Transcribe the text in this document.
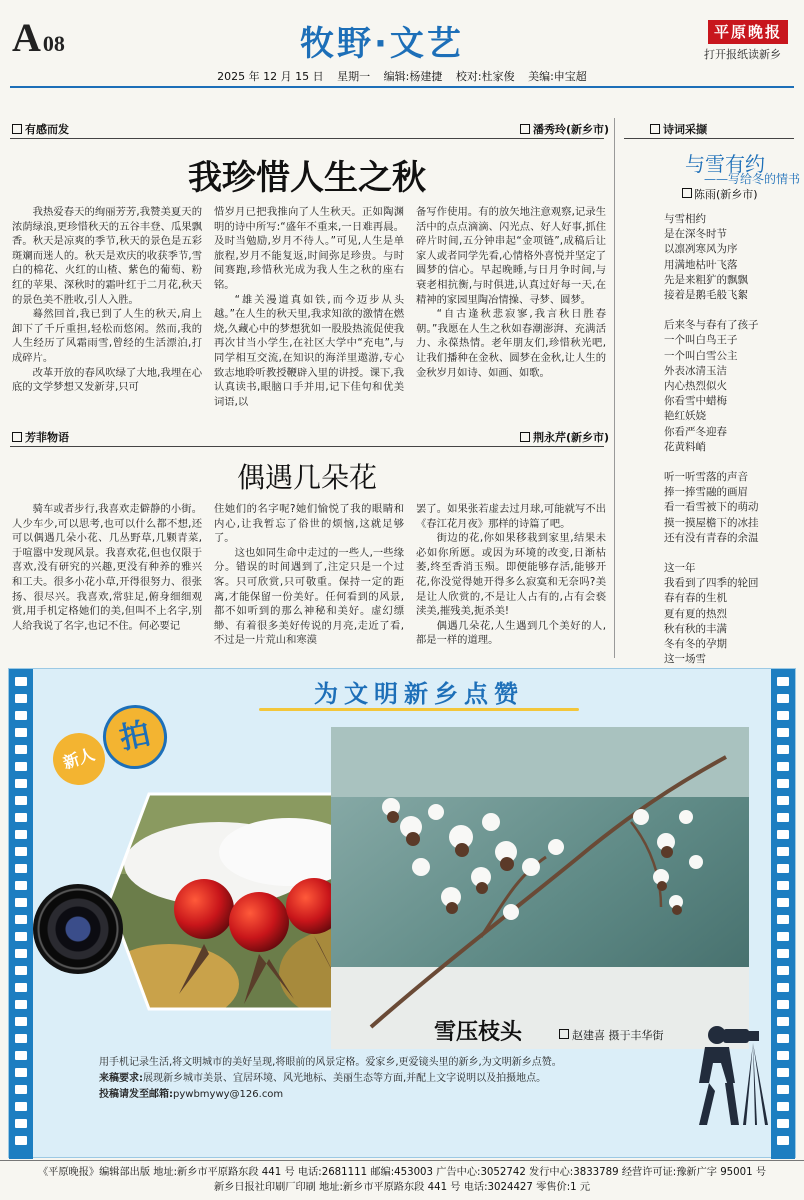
A08	牧野·文艺	平原晚报
打开报纸读新乡
2025 年 12 月 15 日 星期一 编辑:杨建捷 校对:杜家俊 美编:申宝超
有感而发	潘秀玲(新乡市)
我珍惜人生之秋

我热爱春天的绚丽芳芳,我赞美夏天的浓荫绿浪,更珍惜秋天的五谷丰登、瓜果飘香。秋天是凉爽的季节,秋天的景色是五彩斑斓而迷人的。秋天是欢庆的收获季节,雪白的棉花、火红的山楂、紫色的葡萄、粉红的苹果、深秋时的霜叶红于二月花,秋天的景色美不胜收,引人入胜。

蓦然回首,我已到了人生的秋天,肩上卸下了千斤重担,轻松而悠闲。然而,我的人生经历了风霜雨雪,曾经的生活漂泊,打成碎片。

改革开放的春风吹绿了大地,我埋在心底的文学梦想又发新芽,只可

惜岁月已把我推向了人生秋天。正如陶渊明的诗中所写:“盛年不重来,一日难再晨。及时当勉励,岁月不待人。”可见,人生是单旅程,岁月不能复返,时间弥足珍贵。与时间赛跑,珍惜秋光成为我人生之秋的座右铭。

“雄关漫道真如铁,而今迈步从头越。”在人生的秋天里,我求知欲的激情在燃烧,久藏心中的梦想犹如一股股热流促使我再次甘当小学生,在社区大学中“充电”,与同学相互交流,在知识的海洋里遨游,专心致志地聆听教授鞭辟入里的讲授。课下,我认真读书,眼脑口手并用,记下佳句和优美词语,以

备写作使用。有的放矢地注意观察,记录生活中的点点滴滴、闪光点、好人好事,抓住碎片时间,五分钟串起“金项链”,成稿后让家人或者同学先看,心情格外喜悦并坚定了圆梦的信心。早起晚睡,与日月争时间,与衰老相抗衡,与时俱进,认真过好每一天,在精神的家园里陶冶情操、寻梦、圆梦。

“自古逢秋悲寂寥,我言秋日胜春朝。”我愿在人生之秋如春潮澎湃、充满活力、永葆热情。老年朋友们,珍惜秋光吧,让我们播种在金秋、圆梦在金秋,让人生的金秋岁月如诗、如画、如歌。

芳菲物语	荆永芹(新乡市)
偶遇几朵花

骑车或者步行,我喜欢走僻静的小街。人少车少,可以思考,也可以什么都不想,还可以偶遇几朵小花、几丛野草,几颗青菜,于喧嚣中发现风景。我喜欢花,但也仅限于喜欢,没有研究的兴趣,更没有种养的雅兴和工夫。很多小花小草,开得很努力、很张扬、很尽兴。我喜欢,常驻足,俯身细细观赏,用手机定格她们的美,但叫不上名字,别人给我说了名字,也记不住。何必要记

住她们的名字呢?她们愉悦了我的眼睛和内心,让我暂忘了俗世的烦恼,这就足够了。

这也如同生命中走过的一些人,一些缘分。错误的时间遇到了,注定只是一个过客。只可欣赏,只可敬重。保持一定的距离,才能保留一份美好。任何看到的风景,都不如听到的那么神秘和美好。虚幻缥缈、有着很多美好传说的月亮,走近了看,不过是一片荒山和寒漠

罢了。如果张若虚去过月球,可能就写不出《春江花月夜》那样的诗篇了吧。

街边的花,你如果移栽到家里,结果未必如你所愿。或因为环境的改变,日渐枯萎,终至香消玉殒。即便能够存活,能够开花,你没觉得她开得多么寂寞和无奈吗?美是让人欣赏的,不是让人占有的,占有会亵渎美,摧残美,扼杀美!

偶遇几朵花,人生遇到几个美好的人,都是一样的道理。

诗词采撷
与雪有约
——写给冬的情书
陈雨(新乡市)
与雪相约
是在深冬时节
以凛冽寒风为序
用满地枯叶飞落
先是来粗犷的飘飘
接着是鹅毛般飞絮
后来冬与春有了孩子
一个叫白鸟王子
一个叫白雪公主
外表冰清玉洁
内心热烈似火
你看雪中蜡梅
艳红妖娆
你看严冬迎春
花黄料峭
听一听雪落的声音
捧一捧雪融的画眉
看一看雪被下的萌动
摸一摸屋檐下的冰挂
还有没有青春的余温
这一年
我看到了四季的轮回
春有春的生机
夏有夏的热烈
秋有秋的丰满
冬有冬的孕期
这一场雪
为文明新乡点赞
新人
拍
雪压枝头	赵建喜 摄于丰华街
用手机记录生活,将文明城市的美好呈现,将眼前的风景定格。爱家乡,更爱镜头里的新乡,为文明新乡点赞。
来稿要求:展现新乡城市美景、宜居环境、风光地标、美丽生态等方面,并配上文字说明以及拍摄地点。
投稿请发至邮箱:pywbmywy@126.com
《平原晚报》编辑部出版 地址:新乡市平原路东段 441 号 电话:2681111 邮编:453003 广告中心:3052742 发行中心:3833789 经营许可证:豫新广字 95001 号
新乡日报社印刷厂印刷 地址:新乡市平原路东段 441 号 电话:3024427 零售价:1 元
